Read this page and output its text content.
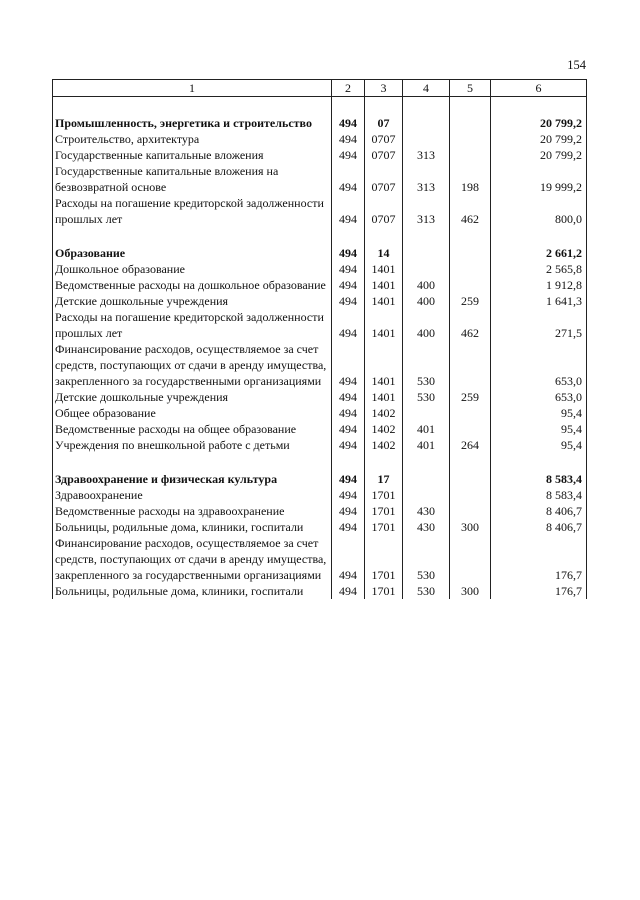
154
1	2	3	4	5	6

Промышленность, энергетика и строительство	494	07			20 799,2
Строительство, архитектура	494	0707			20 799,2
Государственные капитальные вложения	494	0707	313		20 799,2
Государственные капитальные вложения на безвозвратной основе	494	0707	313	198	19 999,2
Расходы на погашение кредиторской задолженности прошлых лет	494	0707	313	462	800,0

Образование	494	14			2 661,2
Дошкольное образование	494	1401			2 565,8
Ведомственные расходы на дошкольное образование	494	1401	400		1 912,8
Детские дошкольные учреждения	494	1401	400	259	1 641,3
Расходы на погашение кредиторской задолженности прошлых лет	494	1401	400	462	271,5
Финансирование расходов, осуществляемое за счет средств, поступающих от сдачи в аренду имущества, закрепленного за государственными организациями	494	1401	530		653,0
Детские дошкольные учреждения	494	1401	530	259	653,0
Общее образование	494	1402			95,4
Ведомственные расходы на общее образование	494	1402	401		95,4
Учреждения по внешкольной работе с детьми	494	1402	401	264	95,4

Здравоохранение и физическая культура	494	17			8 583,4
Здравоохранение	494	1701			8 583,4
Ведомственные расходы на здравоохранение	494	1701	430		8 406,7
Больницы, родильные дома, клиники, госпитали	494	1701	430	300	8 406,7
Финансирование расходов, осуществляемое за счет средств, поступающих от сдачи в аренду имущества, закрепленного за государственными организациями	494	1701	530		176,7
Больницы, родильные дома, клиники, госпитали	494	1701	530	300	176,7
